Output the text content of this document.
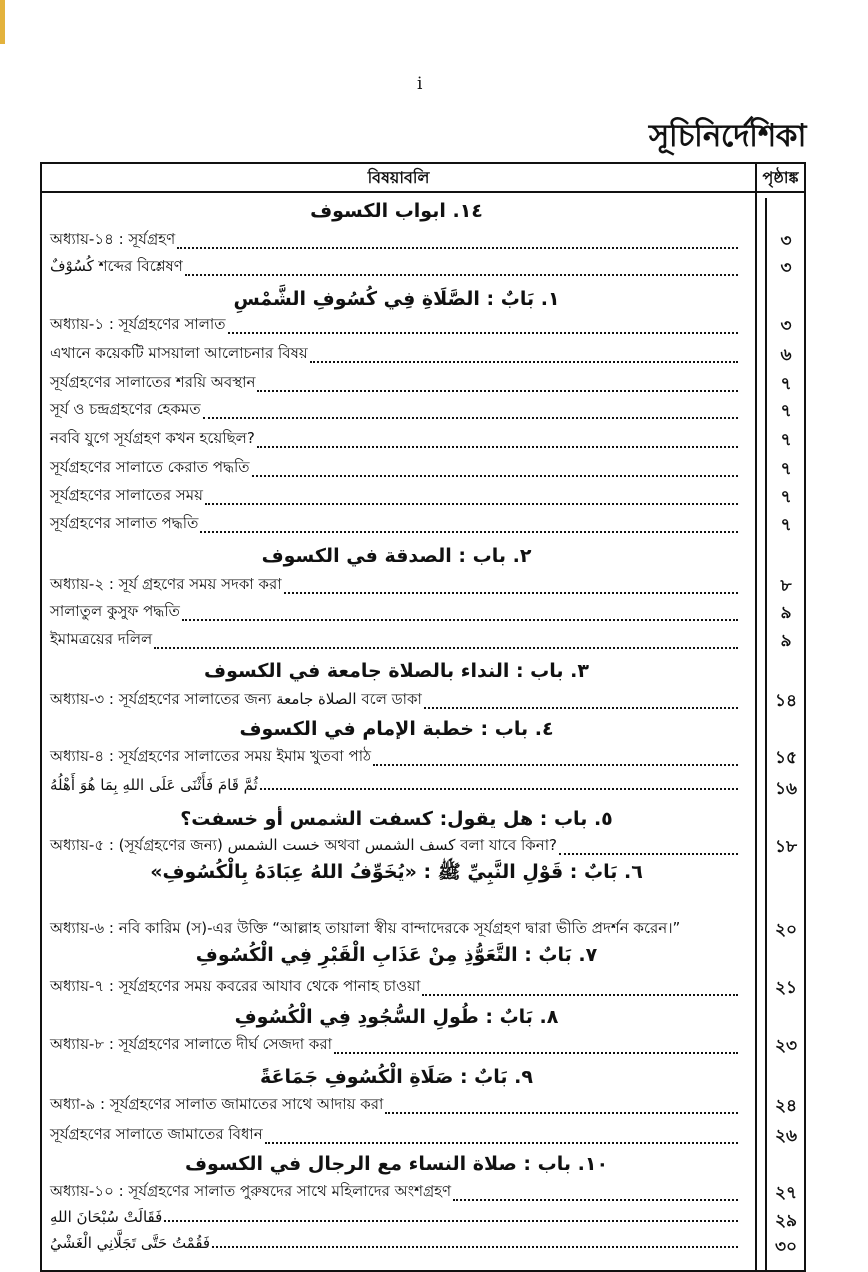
i
সূচিনির্দেশিকা
বিষয়াবলি	পৃষ্ঠাঙ্ক
١٤. ابواب الكسوف
অধ্যায়-১৪ : সূর্যগ্রহণ	৩
كُسُوْفٌ শব্দের বিশ্লেষণ	৩
١. بَابٌ : الصَّلَاةِ فِي كُسُوفِ الشَّمْسِ
অধ্যায়-১ : সূর্যগ্রহণের সালাত	৩
এখানে কয়েকটি মাসয়ালা আলোচনার বিষয়	৬
সূর্যগ্রহণের সালাতের শরয়ি অবস্থান	৭
সূর্য ও চন্দ্রগ্রহণের হেকমত	৭
নববি যুগে সূর্যগ্রহণ কখন হয়েছিল?	৭
সূর্যগ্রহণের সালাতে কেরাত পদ্ধতি	৭
সূর্যগ্রহণের সালাতের সময়	৭
সূর্যগ্রহণের সালাত পদ্ধতি	৭
٢. باب : الصدقة في الكسوف
অধ্যায়-২ : সূর্য গ্রহণের সময় সদকা করা	৮
সালাতুল কুসুফ পদ্ধতি	৯
ইমামত্রয়ের দলিল	৯
٣. باب : النداء بالصلاة جامعة في الكسوف
অধ্যায়-৩ : সূর্যগ্রহণের সালাতের জন্য الصلاة جامعة বলে ডাকা	১৪
٤. باب : خطبة الإمام في الكسوف
অধ্যায়-৪ : সূর্যগ্রহণের সালাতের সময় ইমাম খুতবা পাঠ	১৫
ثُمَّ قَامَ فَأَثْنَى عَلَى اللهِ بِمَا هُوَ أَهْلُهُ	১৬
٥. باب : هل يقول: كسفت الشمس أو خسفت؟
অধ্যায়-৫ : (সূর্যগ্রহণের জন্য) خست الشمس অথবা كسف الشمس বলা যাবে কিনা?	১৮
٦. بَابٌ : قَوْلِ النَّبِيِّ ﷺ : «يُخَوِّفُ اللهُ عِبَادَهُ بِالْكُسُوفِ»
অধ্যায়-৬ : নবি কারিম (স)-এর উক্তি “আল্লাহ তায়ালা স্বীয় বান্দাদেরকে সূর্যগ্রহণ দ্বারা ভীতি প্রদর্শন করেন।”	২০
٧. بَابٌ : التَّعَوُّذِ مِنْ عَذَابِ الْقَبْرِ فِي الْكُسُوفِ
অধ্যায়-৭ : সূর্যগ্রহণের সময় কবরের আযাব থেকে পানাহ চাওয়া	২১
٨. بَابٌ : طُولِ السُّجُودِ فِي الْكُسُوفِ
অধ্যায়-৮ : সূর্যগ্রহণের সালাতে দীর্ঘ সেজদা করা	২৩
٩. بَابٌ : صَلَاةِ الْكُسُوفِ جَمَاعَةً
অধ্যা-৯ : সূর্যগ্রহণের সালাত জামাতের সাথে আদায় করা	২৪
সূর্যগ্রহণের সালাতে জামাতের বিধান	২৬
١٠. باب : صلاة النساء مع الرجال في الكسوف
অধ্যায়-১০ : সূর্যগ্রহণের সালাত পুরুষদের সাথে মহিলাদের অংশগ্রহণ	২৭
فَقَالَتْ سُبْحَانَ اللهِ	২৯
فَقُمْتُ حَتَّى تَجَلَّانِي الْغَشْيُ	৩০
